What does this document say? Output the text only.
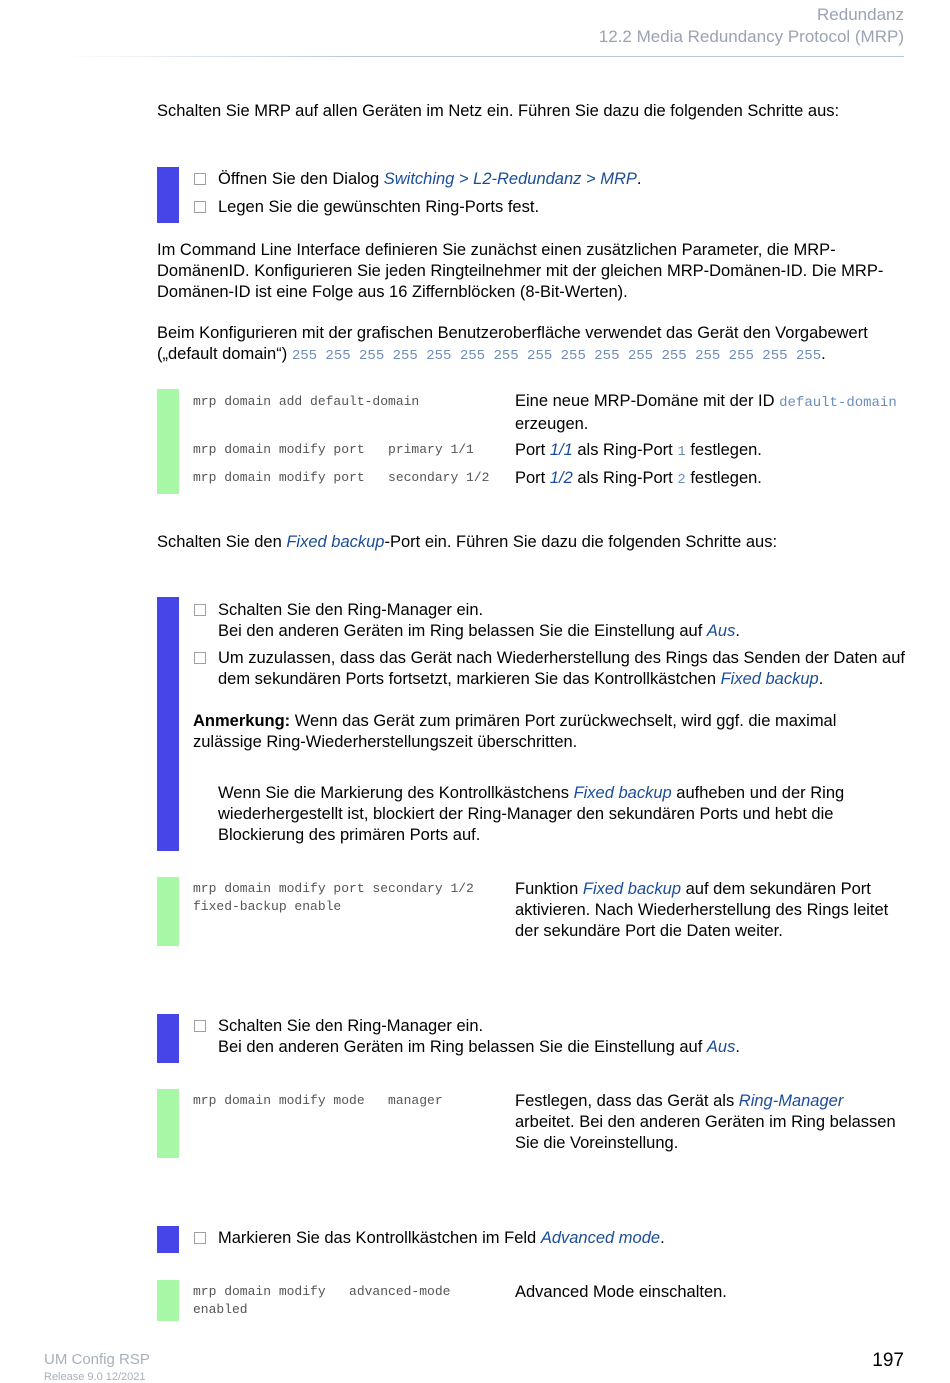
Redundanz
12.2 Media Redundancy Protocol (MRP)
Schalten Sie MRP auf allen Geräten im Netz ein. Führen Sie dazu die folgenden Schritte aus:
Öffnen Sie den Dialog Switching > L2-Redundanz > MRP.
Legen Sie die gewünschten Ring-Ports fest.
Im Command Line Interface definieren Sie zunächst einen zusätzlichen Parameter, die MRP-DomänenID. Konfigurieren Sie jeden Ringteilnehmer mit der gleichen MRP-Domänen-ID. Die MRP-Domänen-ID ist eine Folge aus 16 Ziffernblöcken (8-Bit-Werten).
Beim Konfigurieren mit der grafischen Benutzeroberfläche verwendet das Gerät den Vorgabewert („default domain“) 255 255 255 255 255 255 255 255 255 255 255 255 255 255 255 255.
mrp domain add default-domain	Eine neue MRP-Domäne mit der ID default-domain erzeugen.
mrp domain modify port   primary 1/1	Port 1/1 als Ring-Port 1 festlegen.
mrp domain modify port   secondary 1/2	Port 1/2 als Ring-Port 2 festlegen.
Schalten Sie den Fixed backup-Port ein. Führen Sie dazu die folgenden Schritte aus:
Schalten Sie den Ring-Manager ein.
Bei den anderen Geräten im Ring belassen Sie die Einstellung auf Aus.
Um zuzulassen, dass das Gerät nach Wiederherstellung des Rings das Senden der Daten auf dem sekundären Ports fortsetzt, markieren Sie das Kontrollkästchen Fixed backup.
Anmerkung: Wenn das Gerät zum primären Port zurückwechselt, wird ggf. die maximal zulässige Ring-Wiederherstellungszeit überschritten.
Wenn Sie die Markierung des Kontrollkästchens Fixed backup aufheben und der Ring wiederhergestellt ist, blockiert der Ring-Manager den sekundären Ports und hebt die Blockierung des primären Ports auf.
mrp domain modify port secondary 1/2
fixed-backup enable
Funktion Fixed backup auf dem sekundären Port aktivieren. Nach Wiederherstellung des Rings leitet der sekundäre Port die Daten weiter.
Schalten Sie den Ring-Manager ein.
Bei den anderen Geräten im Ring belassen Sie die Einstellung auf Aus.
mrp domain modify mode   manager	Festlegen, dass das Gerät als Ring-Manager arbeitet. Bei den anderen Geräten im Ring belassen Sie die Voreinstellung.
Markieren Sie das Kontrollkästchen im Feld Advanced mode.
mrp domain modify   advanced-mode
enabled
Advanced Mode einschalten.
UM Config RSP
Release 9.0 12/2021
197
